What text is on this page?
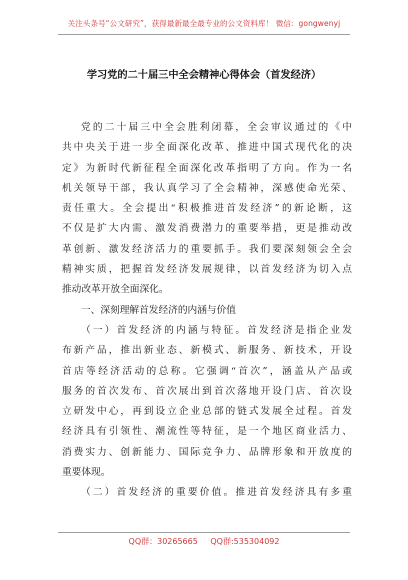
关注头条号“公文研究”，获得最新最全最专业的公文资料库！ 微信：gongwenyj
学习党的二十届三中全会精神心得体会（首发经济）
党的二十届三中全会胜利闭幕，全会审议通过的《中
共中央关于进一步全面深化改革、推进中国式现代化的决
定》为新时代新征程全面深化改革指明了方向。作为一名
机关领导干部，我认真学习了全会精神，深感使命光荣、
责任重大。全会提出“积极推进首发经济”的新论断，这
不仅是扩大内需、激发消费潜力的重要举措，更是推动改
革创新、激发经济活力的重要抓手。我们要深刻领会全会
精神实质，把握首发经济发展规律，以首发经济为切入点
推动改革开放全面深化。
一、深刻理解首发经济的内涵与价值
（一）首发经济的内涵与特征。首发经济是指企业发
布新产品，推出新业态、新模式、新服务、新技术，开设
首店等经济活动的总称。它强调“首次”，涵盖从产品或
服务的首次发布、首次展出到首次落地开设门店、首次设
立研发中心，再到设立企业总部的链式发展全过程。首发
经济具有引领性、潮流性等特征，是一个地区商业活力、
消费实力、创新能力、国际竞争力、品牌形象和开放度的
重要体现。
（二）首发经济的重要价值。推进首发经济具有多重
QQ群：30265665 QQ群:535304092
